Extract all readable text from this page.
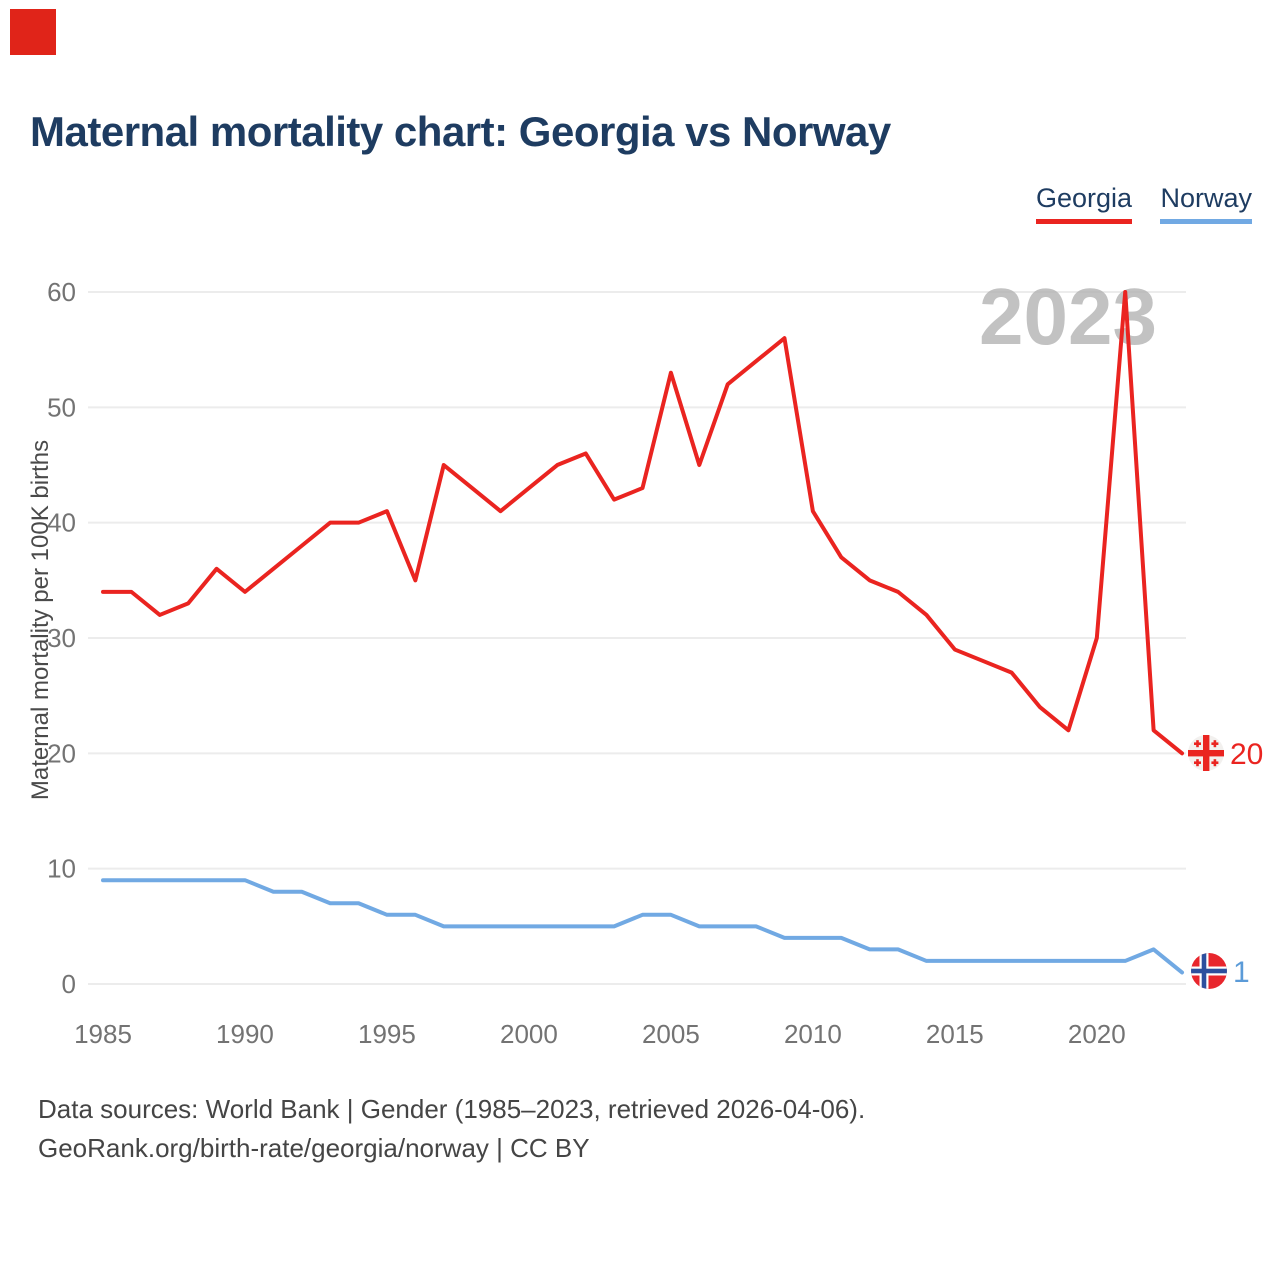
Maternal mortality chart: Georgia vs Norway
Georgia Norway
2023
0
10
20
30
40
50
60
1985	1990	1995	2000	2005	2010	2015	2020
Maternal mortality per 100K births	20
1
Data sources: World Bank | Gender (1985–2023, retrieved 2026-04-06).
GeoRank.org/birth-rate/georgia/norway | CC BY
